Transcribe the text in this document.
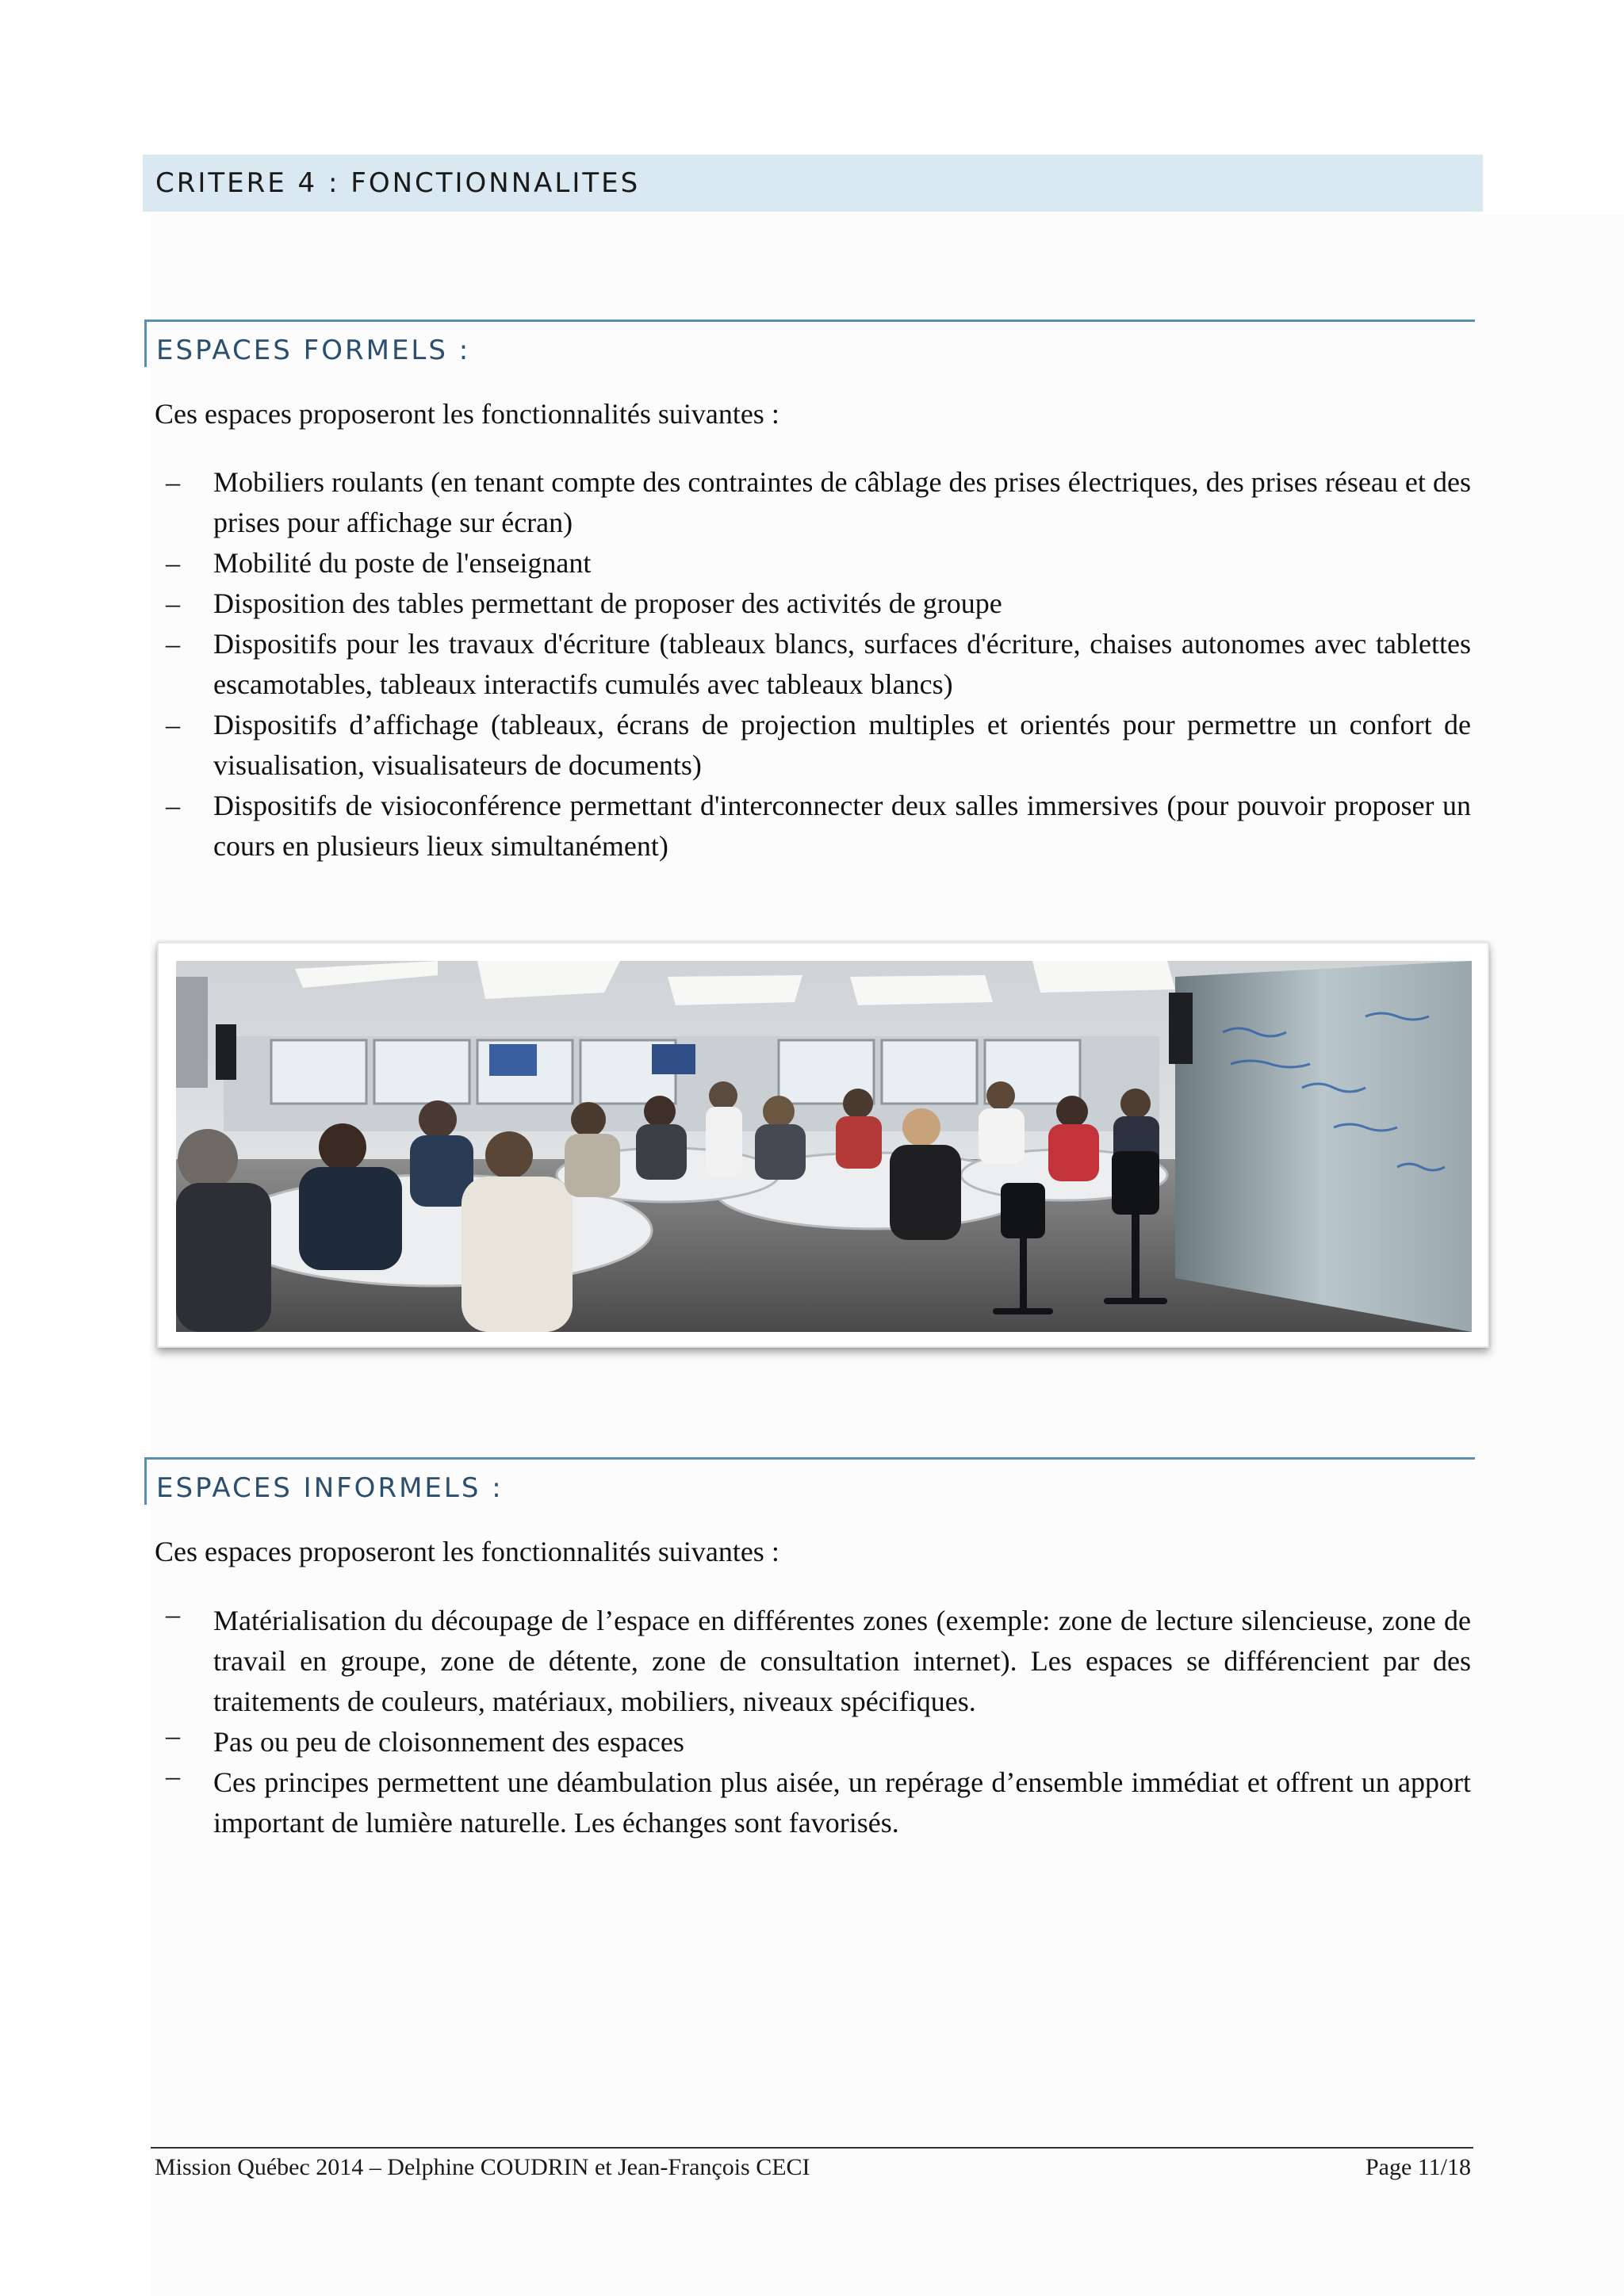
CRITERE 4 : FONCTIONNALITES
ESPACES FORMELS :
Ces espaces proposeront les fonctionnalités suivantes :
– Mobiliers roulants (en tenant compte des contraintes de câblage des prises électriques, des prises réseau et des prises pour affichage sur écran)
– Mobilité du poste de l'enseignant
– Disposition des tables permettant de proposer des activités de groupe
– Dispositifs pour les travaux d'écriture (tableaux blancs, surfaces d'écriture, chaises autonomes avec tablettes escamotables, tableaux interactifs cumulés avec tableaux blancs)
– Dispositifs d’affichage (tableaux, écrans de projection multiples et orientés pour permettre un confort de visualisation, visualisateurs de documents)
– Dispositifs de visioconférence permettant d'interconnecter deux salles immersives (pour pouvoir proposer un cours en plusieurs lieux simultanément)
ESPACES INFORMELS :
Ces espaces proposeront les fonctionnalités suivantes :
– Matérialisation du découpage de l’espace en différentes zones (exemple: zone de lecture silencieuse, zone de travail en groupe, zone de détente, zone de consultation internet). Les espaces se différencient par des traitements de couleurs, matériaux, mobiliers, niveaux spécifiques.
– Pas ou peu de cloisonnement des espaces
– Ces principes permettent une déambulation plus aisée, un repérage d’ensemble immédiat et offrent un apport important de lumière naturelle. Les échanges sont favorisés.
Mission Québec 2014 – Delphine COUDRIN et Jean-François CECI	Page 11/18
